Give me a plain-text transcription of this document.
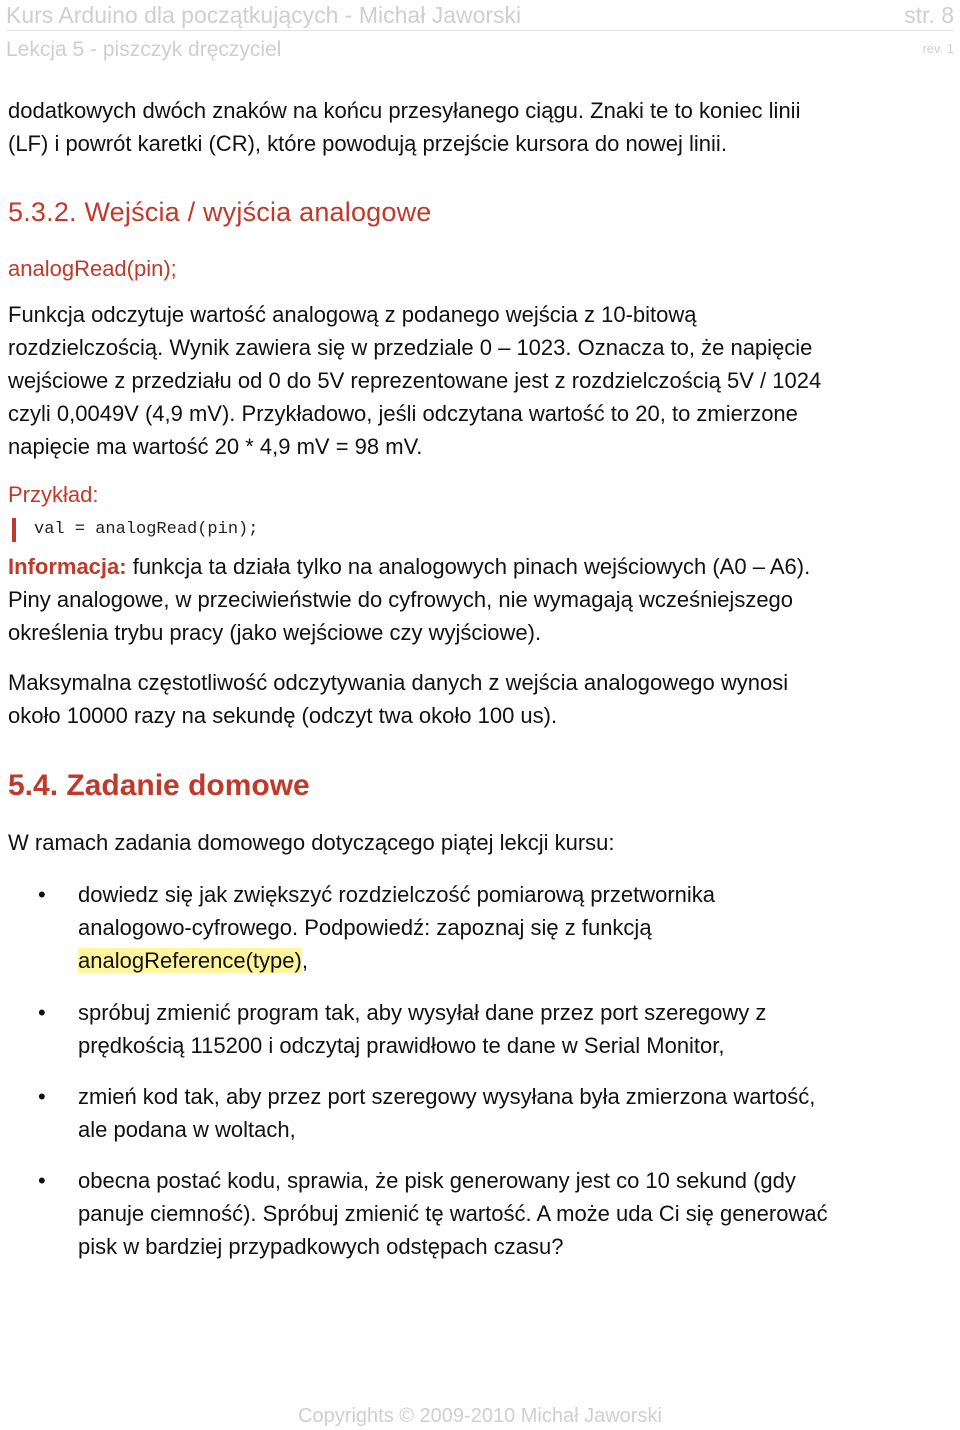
Kurs Arduino dla początkujących - Michał Jaworski	str. 8
Lekcja 5 - piszczyk dręczyciel	rev. 1
dodatkowych dwóch znaków na końcu przesyłanego ciągu. Znaki te to koniec linii
(LF) i powrót karetki (CR), które powodują przejście kursora do nowej linii.
5.3.2. Wejścia / wyjścia analogowe
analogRead(pin);
Funkcja odczytuje wartość analogową z podanego wejścia z 10-bitową
rozdzielczością. Wynik zawiera się w przedziale 0 – 1023. Oznacza to, że napięcie
wejściowe z przedziału od 0 do 5V reprezentowane jest z rozdzielczością 5V / 1024
czyli 0,0049V (4,9 mV). Przykładowo, jeśli odczytana wartość to 20, to zmierzone
napięcie ma wartość 20 * 4,9 mV = 98 mV.
Przykład:
val = analogRead(pin);
Informacja: funkcja ta działa tylko na analogowych pinach wejściowych (A0 – A6).
Piny analogowe, w przeciwieństwie do cyfrowych, nie wymagają wcześniejszego
określenia trybu pracy (jako wejściowe czy wyjściowe).
Maksymalna częstotliwość odczytywania danych z wejścia analogowego wynosi
około 10000 razy na sekundę (odczyt twa około 100 us).
5.4. Zadanie domowe
W ramach zadania domowego dotyczącego piątej lekcji kursu:
• dowiedz się jak zwiększyć rozdzielczość pomiarową przetwornika
analogowo-cyfrowego. Podpowiedź: zapoznaj się z funkcją
analogReference(type),
• spróbuj zmienić program tak, aby wysyłał dane przez port szeregowy z
prędkością 115200 i odczytaj prawidłowo te dane w Serial Monitor,
• zmień kod tak, aby przez port szeregowy wysyłana była zmierzona wartość,
ale podana w woltach,
• obecna postać kodu, sprawia, że pisk generowany jest co 10 sekund (gdy
panuje ciemność). Spróbuj zmienić tę wartość. A może uda Ci się generować
pisk w bardziej przypadkowych odstępach czasu?
Copyrights © 2009-2010 Michał Jaworski
